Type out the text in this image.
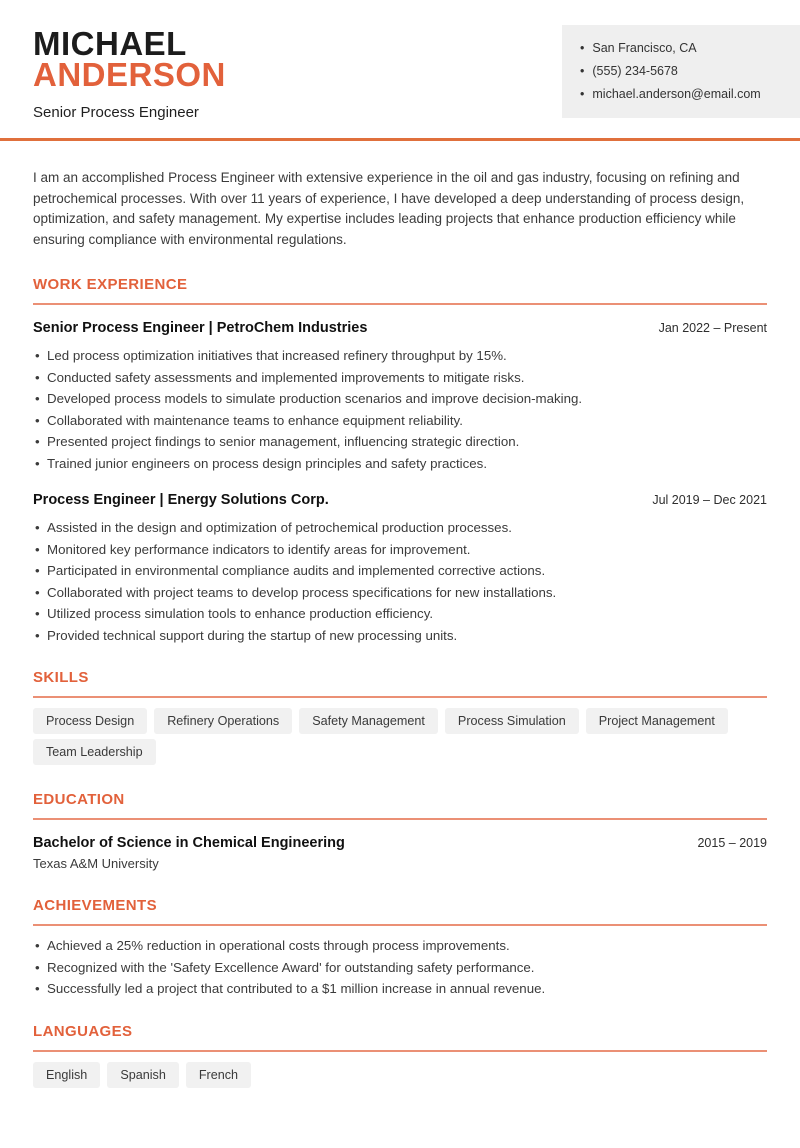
MICHAEL
ANDERSON
Senior Process Engineer
• San Francisco, CA
• (555) 234-5678
• michael.anderson@email.com

I am an accomplished Process Engineer with extensive experience in the oil and gas industry, focusing on refining and petrochemical processes. With over 11 years of experience, I have developed a deep understanding of process design, optimization, and safety management. My expertise includes leading projects that enhance production efficiency while ensuring compliance with environmental regulations.

WORK EXPERIENCE
Senior Process Engineer | PetroChem Industries	Jan 2022 – Present
• Led process optimization initiatives that increased refinery throughput by 15%.
• Conducted safety assessments and implemented improvements to mitigate risks.
• Developed process models to simulate production scenarios and improve decision-making.
• Collaborated with maintenance teams to enhance equipment reliability.
• Presented project findings to senior management, influencing strategic direction.
• Trained junior engineers on process design principles and safety practices.
Process Engineer | Energy Solutions Corp.	Jul 2019 – Dec 2021
• Assisted in the design and optimization of petrochemical production processes.
• Monitored key performance indicators to identify areas for improvement.
• Participated in environmental compliance audits and implemented corrective actions.
• Collaborated with project teams to develop process specifications for new installations.
• Utilized process simulation tools to enhance production efficiency.
• Provided technical support during the startup of new processing units.
SKILLS
Process Design	Refinery Operations	Safety Management	Process Simulation	Project Management
Team Leadership
EDUCATION
Bachelor of Science in Chemical Engineering	2015 – 2019
Texas A&M University
ACHIEVEMENTS
• Achieved a 25% reduction in operational costs through process improvements.
• Recognized with the 'Safety Excellence Award' for outstanding safety performance.
• Successfully led a project that contributed to a $1 million increase in annual revenue.
LANGUAGES
English	Spanish	French
